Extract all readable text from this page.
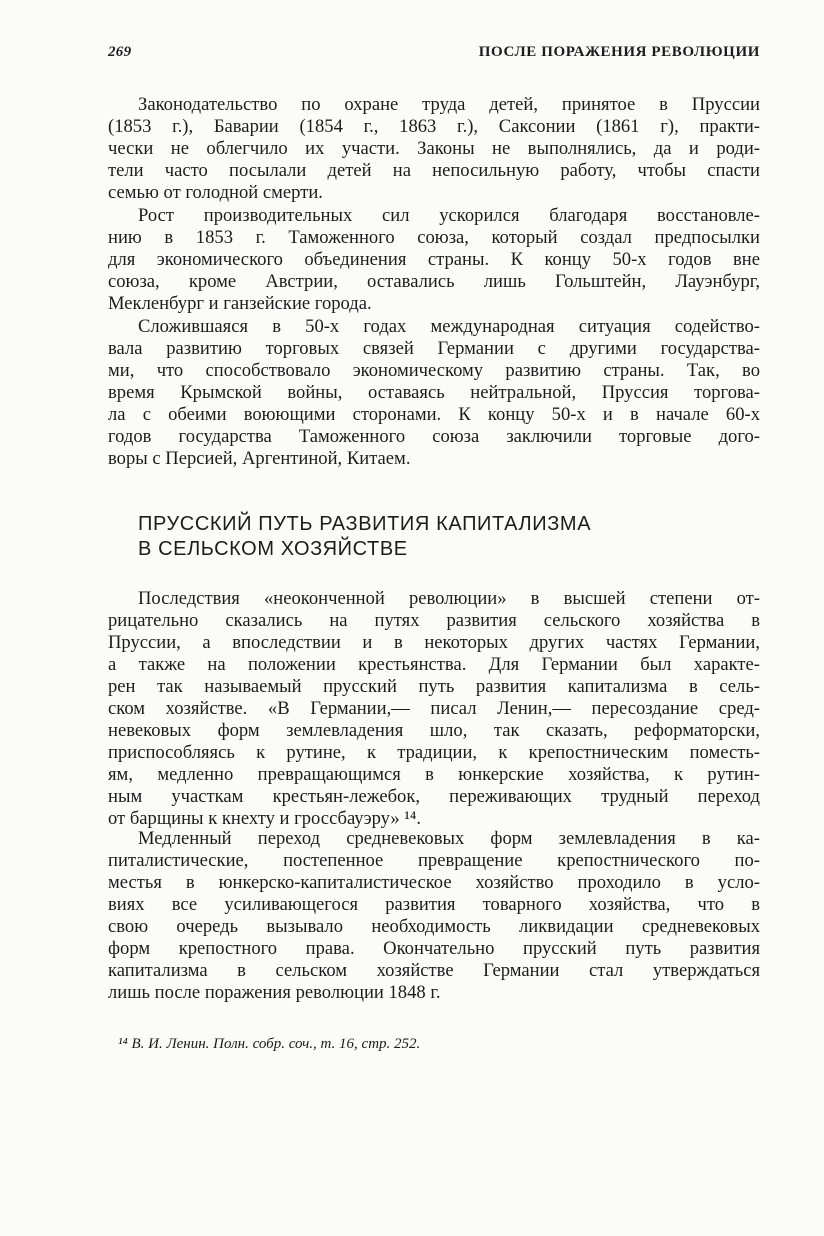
269	ПОСЛЕ ПОРАЖЕНИЯ РЕВОЛЮЦИИ
Законодательство по охране труда детей, принятое в Пруссии
(1853 г.), Баварии (1854 г., 1863 г.), Саксонии (1861 г), практи-
чески не облегчило их участи. Законы не выполнялись, да и роди-
тели часто посылали детей на непосильную работу, чтобы спасти
семью от голодной смерти.
Рост производительных сил ускорился благодаря восстановле-
нию в 1853 г. Таможенного союза, который создал предпосылки
для экономического объединения страны. К концу 50-х годов вне
союза, кроме Австрии, оставались лишь Гольштейн, Лауэнбург,
Мекленбург и ганзейские города.
Сложившаяся в 50-х годах международная ситуация содейство-
вала развитию торговых связей Германии с другими государства-
ми, что способствовало экономическому развитию страны. Так, во
время Крымской войны, оставаясь нейтральной, Пруссия торгова-
ла с обеими воюющими сторонами. К концу 50-х и в начале 60-х
годов государства Таможенного союза заключили торговые дого-
воры с Персией, Аргентиной, Китаем.
ПРУССКИЙ ПУТЬ РАЗВИТИЯ КАПИТАЛИЗМА
В СЕЛЬСКОМ ХОЗЯЙСТВЕ
Последствия «неоконченной революции» в высшей степени от-
рицательно сказались на путях развития сельского хозяйства в
Пруссии, а впоследствии и в некоторых других частях Германии,
а также на положении крестьянства. Для Германии был характе-
рен так называемый прусский путь развития капитализма в сель-
ском хозяйстве. «В Германии,— писал Ленин,— пересоздание сред-
невековых форм землевладения шло, так сказать, реформаторски,
приспособляясь к рутине, к традиции, к крепостническим поместь-
ям, медленно превращающимся в юнкерские хозяйства, к рутин-
ным участкам крестьян-лежебок, переживающих трудный переход
от барщины к кнехту и гроссбауэру» ¹⁴.
Медленный переход средневековых форм землевладения в ка-
питалистические, постепенное превращение крепостнического по-
местья в юнкерско-капиталистическое хозяйство проходило в усло-
виях все усиливающегося развития товарного хозяйства, что в
свою очередь вызывало необходимость ликвидации средневековых
форм крепостного права. Окончательно прусский путь развития
капитализма в сельском хозяйстве Германии стал утверждаться
лишь после поражения революции 1848 г.
¹⁴ В. И. Ленин. Полн. собр. соч., т. 16, стр. 252.
